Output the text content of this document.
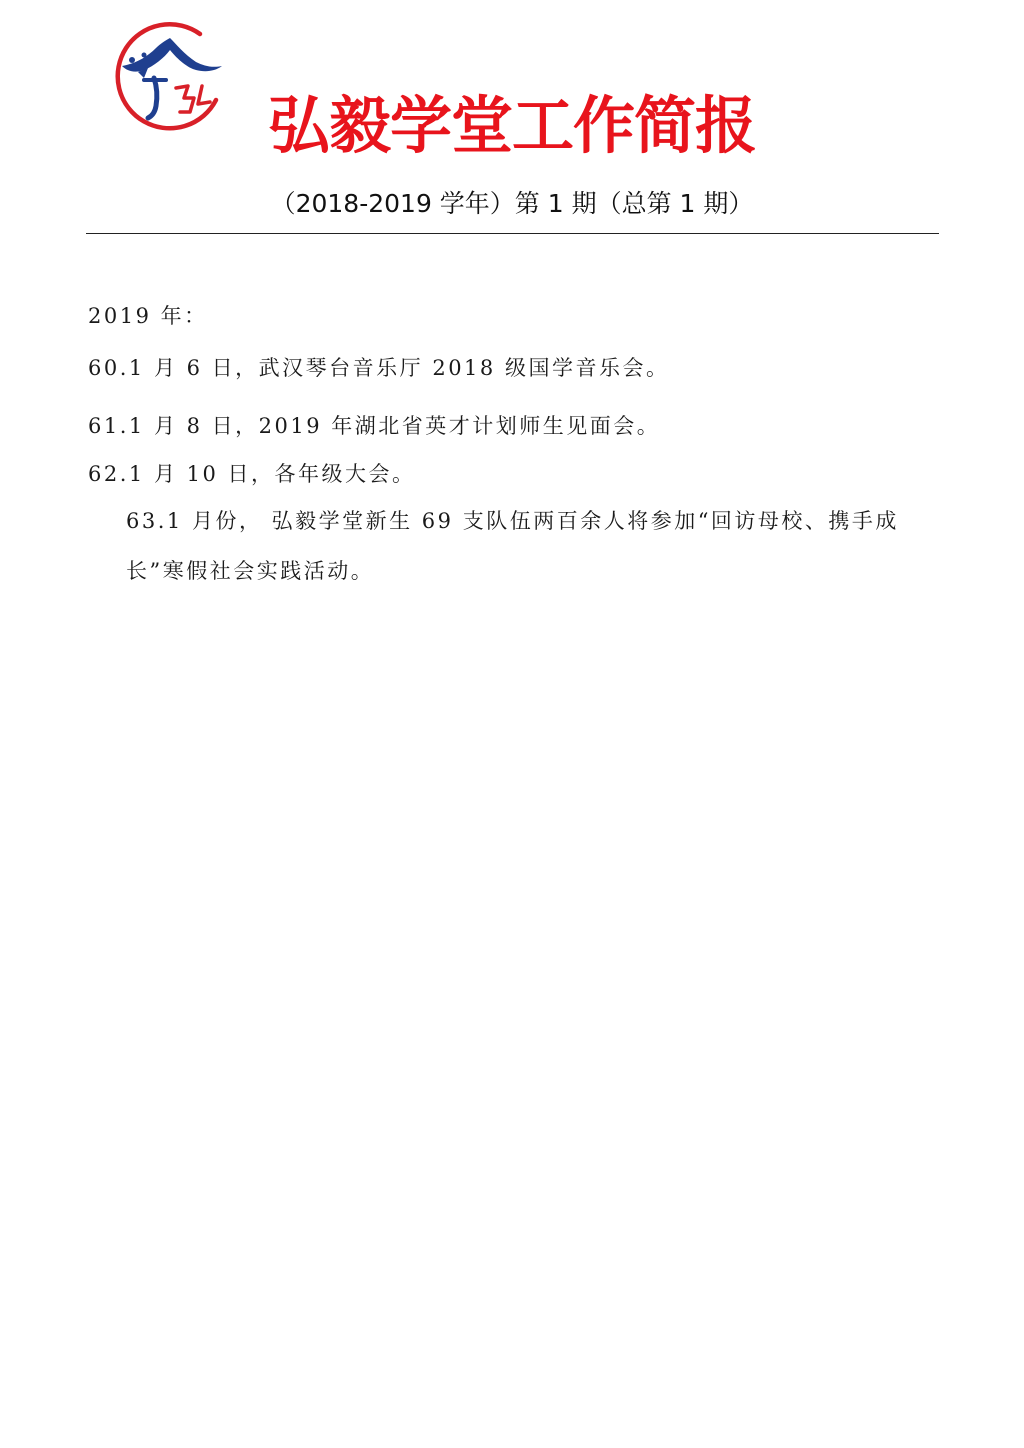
弘毅学堂工作简报
（2018-2019 学年）第 1 期（总第 1 期）
2019 年：
60.1 月 6 日，武汉琴台音乐厅 2018 级国学音乐会。
61.1 月 8 日，2019 年湖北省英才计划师生见面会。
62.1 月 10 日，各年级大会。
63.1 月份， 弘毅学堂新生 69 支队伍两百余人将参加“回访母校、携手成长”寒假社会实践活动。
